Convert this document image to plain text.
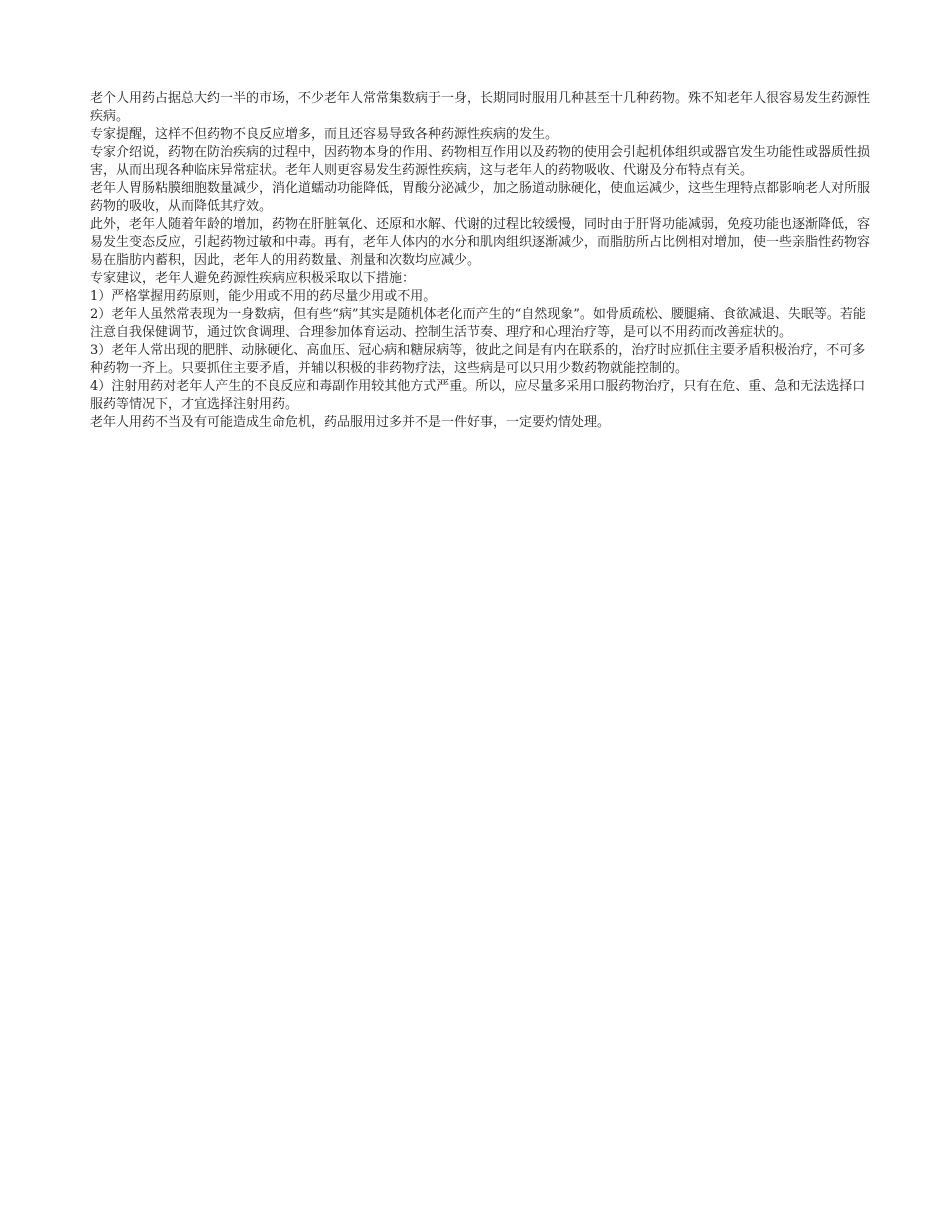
老个人用药占据总大约一半的市场，不少老年人常常集数病于一身，长期同时服用几种甚至十几种药物。殊不知老年人很容易发生药源性疾病。

专家提醒，这样不但药物不良反应增多，而且还容易导致各种药源性疾病的发生。

专家介绍说，药物在防治疾病的过程中，因药物本身的作用、药物相互作用以及药物的使用会引起机体组织或器官发生功能性或器质性损害，从而出现各种临床异常症状。老年人则更容易发生药源性疾病，这与老年人的药物吸收、代谢及分布特点有关。

老年人胃肠粘膜细胞数量减少，消化道蠕动功能降低，胃酸分泌减少，加之肠道动脉硬化，使血运减少，这些生理特点都影响老人对所服药物的吸收，从而降低其疗效。

此外，老年人随着年龄的增加，药物在肝脏氧化、还原和水解、代谢的过程比较缓慢，同时由于肝肾功能减弱，免疫功能也逐渐降低，容易发生变态反应，引起药物过敏和中毒。再有，老年人体内的水分和肌肉组织逐渐减少，而脂肪所占比例相对增加，使一些亲脂性药物容易在脂肪内蓄积，因此，老年人的用药数量、剂量和次数均应减少。

专家建议，老年人避免药源性疾病应积极采取以下措施：

1）严格掌握用药原则，能少用或不用的药尽量少用或不用。

2）老年人虽然常表现为一身数病，但有些“病”其实是随机体老化而产生的“自然现象”。如骨质疏松、腰腿痛、食欲减退、失眠等。若能注意自我保健调节，通过饮食调理、合理参加体育运动、控制生活节奏、理疗和心理治疗等，是可以不用药而改善症状的。

3）老年人常出现的肥胖、动脉硬化、高血压、冠心病和糖尿病等，彼此之间是有内在联系的，治疗时应抓住主要矛盾积极治疗，不可多种药物一齐上。只要抓住主要矛盾，并辅以积极的非药物疗法，这些病是可以只用少数药物就能控制的。

4）注射用药对老年人产生的不良反应和毒副作用较其他方式严重。所以，应尽量多采用口服药物治疗，只有在危、重、急和无法选择口服药等情况下，才宜选择注射用药。

老年人用药不当及有可能造成生命危机，药品服用过多并不是一件好事，一定要灼情处理。
